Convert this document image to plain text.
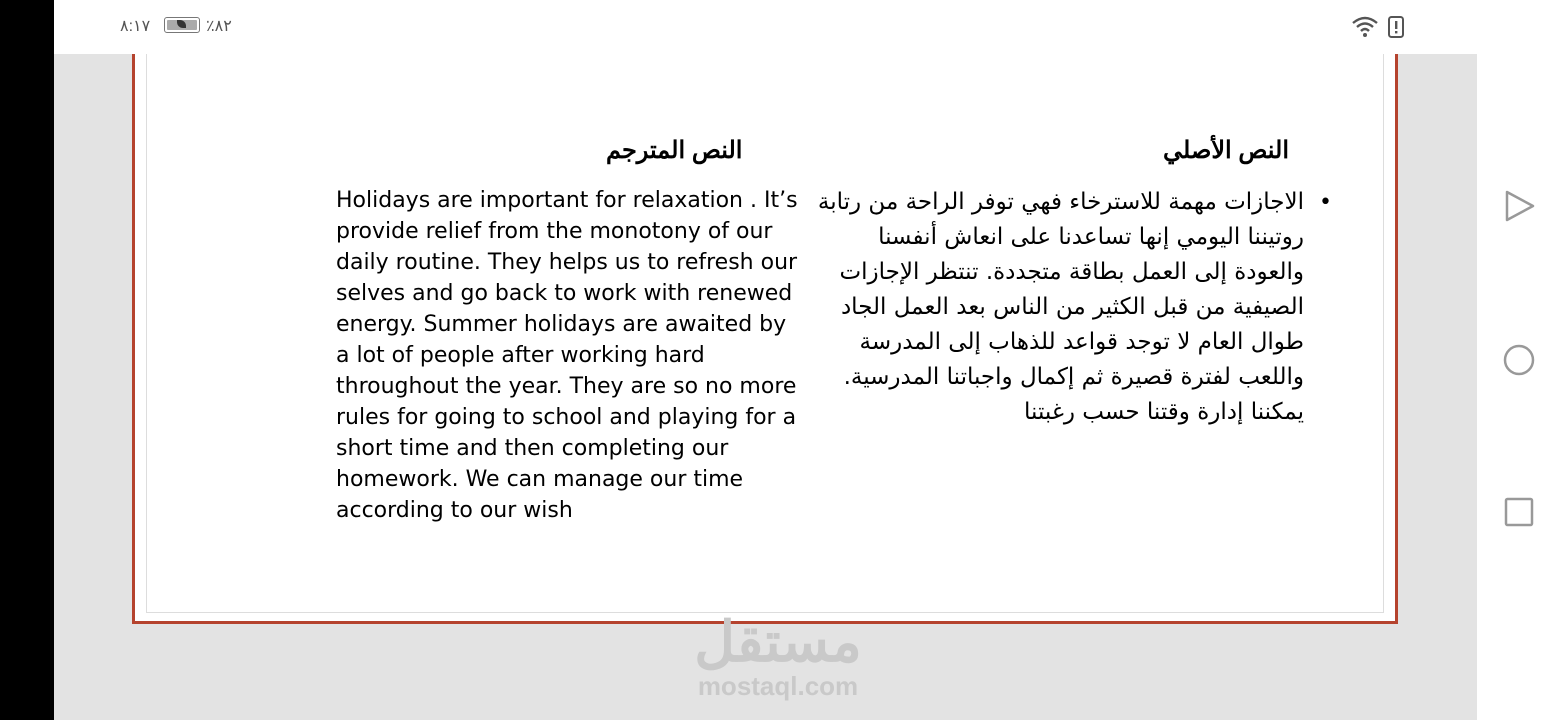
٨:١٧	٪٨٢
النص الأصلي
النص المترجم
Holidays are important for relaxation . It’s provide relief from the monotony of our daily routine. They helps us to refresh our selves and go back to work with renewed energy. Summer holidays are awaited by a lot of people after working hard throughout the year. They are so no more rules for going to school and playing for a short time and then completing our homework. We can manage our time according to our wish
•
الاجازات مهمة للاسترخاء فهي توفر الراحة من رتابة روتيننا اليومي إنها تساعدنا على انعاش أنفسنا والعودة إلى العمل بطاقة متجددة. تنتظر الإجازات الصيفية من قبل الكثير من الناس بعد العمل الجاد طوال العام لا توجد قواعد للذهاب إلى المدرسة واللعب لفترة قصيرة ثم إكمال واجباتنا المدرسية. يمكننا إدارة وقتنا حسب رغبتنا
مستقل
mostaql.com
